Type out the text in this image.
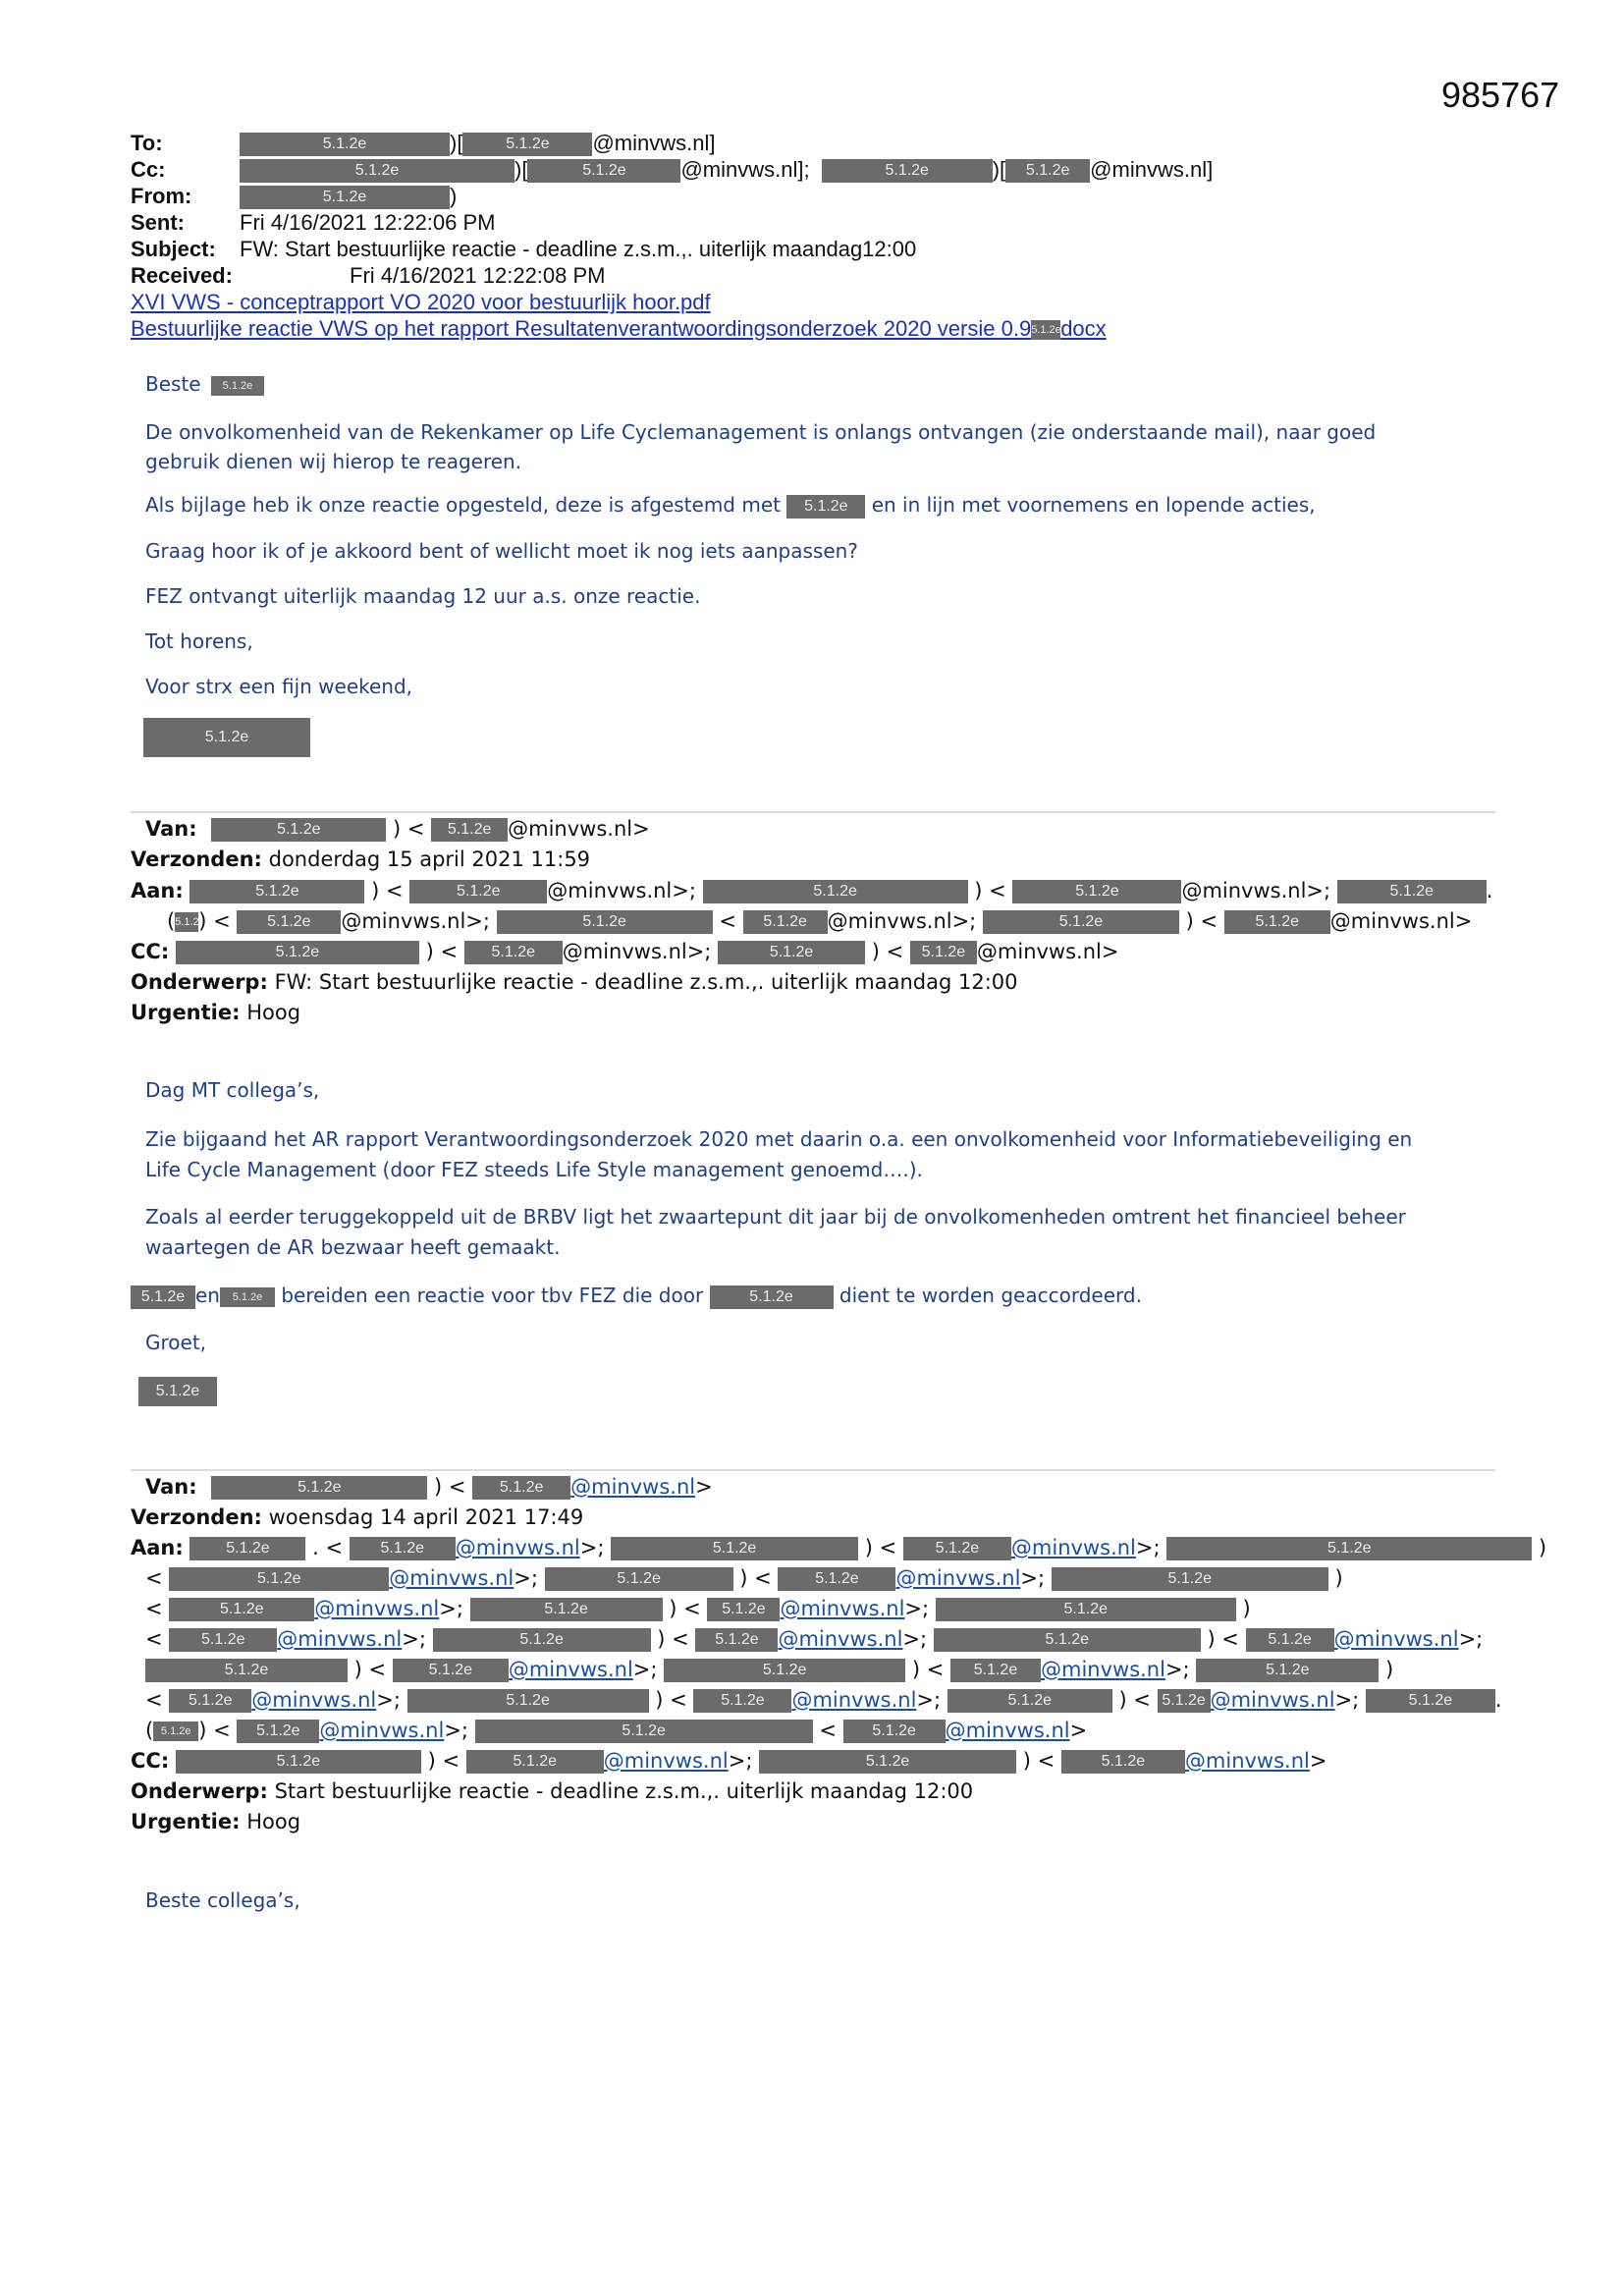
985767
To:	5.1.2e	)[	5.1.2e @minvws.nl]
Cc:	5.1.2e	)[	5.1.2e	@minvws.nl];	5.1.2e	)[ 5.1.2e @minvws.nl]
From:	5.1.2e	)
Sent:	Fri 4/16/2021 12:22:06 PM
Subject: FW: Start bestuurlijke reactie - deadline z.s.m.,. uiterlijk maandag12:00
Received:	Fri 4/16/2021 12:22:08 PM
XVI VWS - conceptrapport VO 2020 voor bestuurlijk hoor.pdf
Bestuurlijke reactie VWS op het rapport Resultatenverantwoordingsonderzoek 2020 versie 0.95.1.2edocx
Beste 5.1.2e
De onvolkomenheid van de Rekenkamer op Life Cyclemanagement is onlangs ontvangen (zie onderstaande mail), naar goed
gebruik dienen wij hierop te reageren.
Als bijlage heb ik onze reactie opgesteld, deze is afgestemd met 5.1.2e en in lijn met voornemens en lopende acties,
Graag hoor ik of je akkoord bent of wellicht moet ik nog iets aanpassen?
FEZ ontvangt uiterlijk maandag 12 uur a.s. onze reactie.
Tot horens,
Voor strx een fijn weekend,
5.1.2e
Van:	5.1.2e	) < 5.1.2e @minvws.nl>
Verzonden: donderdag 15 april 2021 11:59
Aan:	5.1.2e	) <	5.1.2e @minvws.nl>;	5.1.2e	) <	5.1.2e	@minvws.nl>;	5.1.2e	.
(5.1.2e) < 5.1.2e @minvws.nl>;	5.1.2e	< 5.1.2e @minvws.nl>;	5.1.2e	) < 5.1.2e @minvws.nl>
CC:	5.1.2e	) < 5.1.2e @minvws.nl>;	5.1.2e	) < 5.1.2e @minvws.nl>
Onderwerp: FW: Start bestuurlijke reactie - deadline z.s.m.,. uiterlijk maandag 12:00
Urgentie: Hoog
Dag MT collega’s,
Zie bijgaand het AR rapport Verantwoordingsonderzoek 2020 met daarin o.a. een onvolkomenheid voor Informatiebeveiliging en
Life Cycle Management (door FEZ steeds Life Style management genoemd….).
Zoals al eerder teruggekoppeld uit de BRBV ligt het zwaartepunt dit jaar bij de onvolkomenheden omtrent het financieel beheer
waartegen de AR bezwaar heeft gemaakt.
5.1.2e en 5.1.2e bereiden een reactie voor tbv FEZ die door	5.1.2e dient te worden geaccordeerd.
Groet,
5.1.2e
Van:	5.1.2e	) < 5.1.2e @minvws.nl>
Verzonden: woensdag 14 april 2021 17:49
Aan:	5.1.2e . < 5.1.2e @minvws.nl>;	5.1.2e	) < 5.1.2e @minvws.nl>;	5.1.2e	)
<	5.1.2e	@minvws.nl>;	5.1.2e	) < 5.1.2e @minvws.nl>;	5.1.2e	)
<	5.1.2e @minvws.nl>;	5.1.2e	) < 5.1.2e @minvws.nl>;	5.1.2e	)
< 5.1.2e @minvws.nl>;	5.1.2e	) < 5.1.2e @minvws.nl>;	5.1.2e	) < 5.1.2e @minvws.nl>;
5.1.2e	) < 5.1.2e @minvws.nl>;	5.1.2e	) < 5.1.2e @minvws.nl>;	5.1.2e	)
< 5.1.2e @minvws.nl>;	5.1.2e	) < 5.1.2e @minvws.nl>;	5.1.2e	) < 5.1.2e @minvws.nl>;	5.1.2e .
( 5.1.2e ) < 5.1.2e @minvws.nl>;	5.1.2e	< 5.1.2e @minvws.nl>
CC:	5.1.2e	) <	5.1.2e @minvws.nl>;	5.1.2e	) <	5.1.2e @minvws.nl>
Onderwerp: Start bestuurlijke reactie - deadline z.s.m.,. uiterlijk maandag 12:00
Urgentie: Hoog
Beste collega’s,
